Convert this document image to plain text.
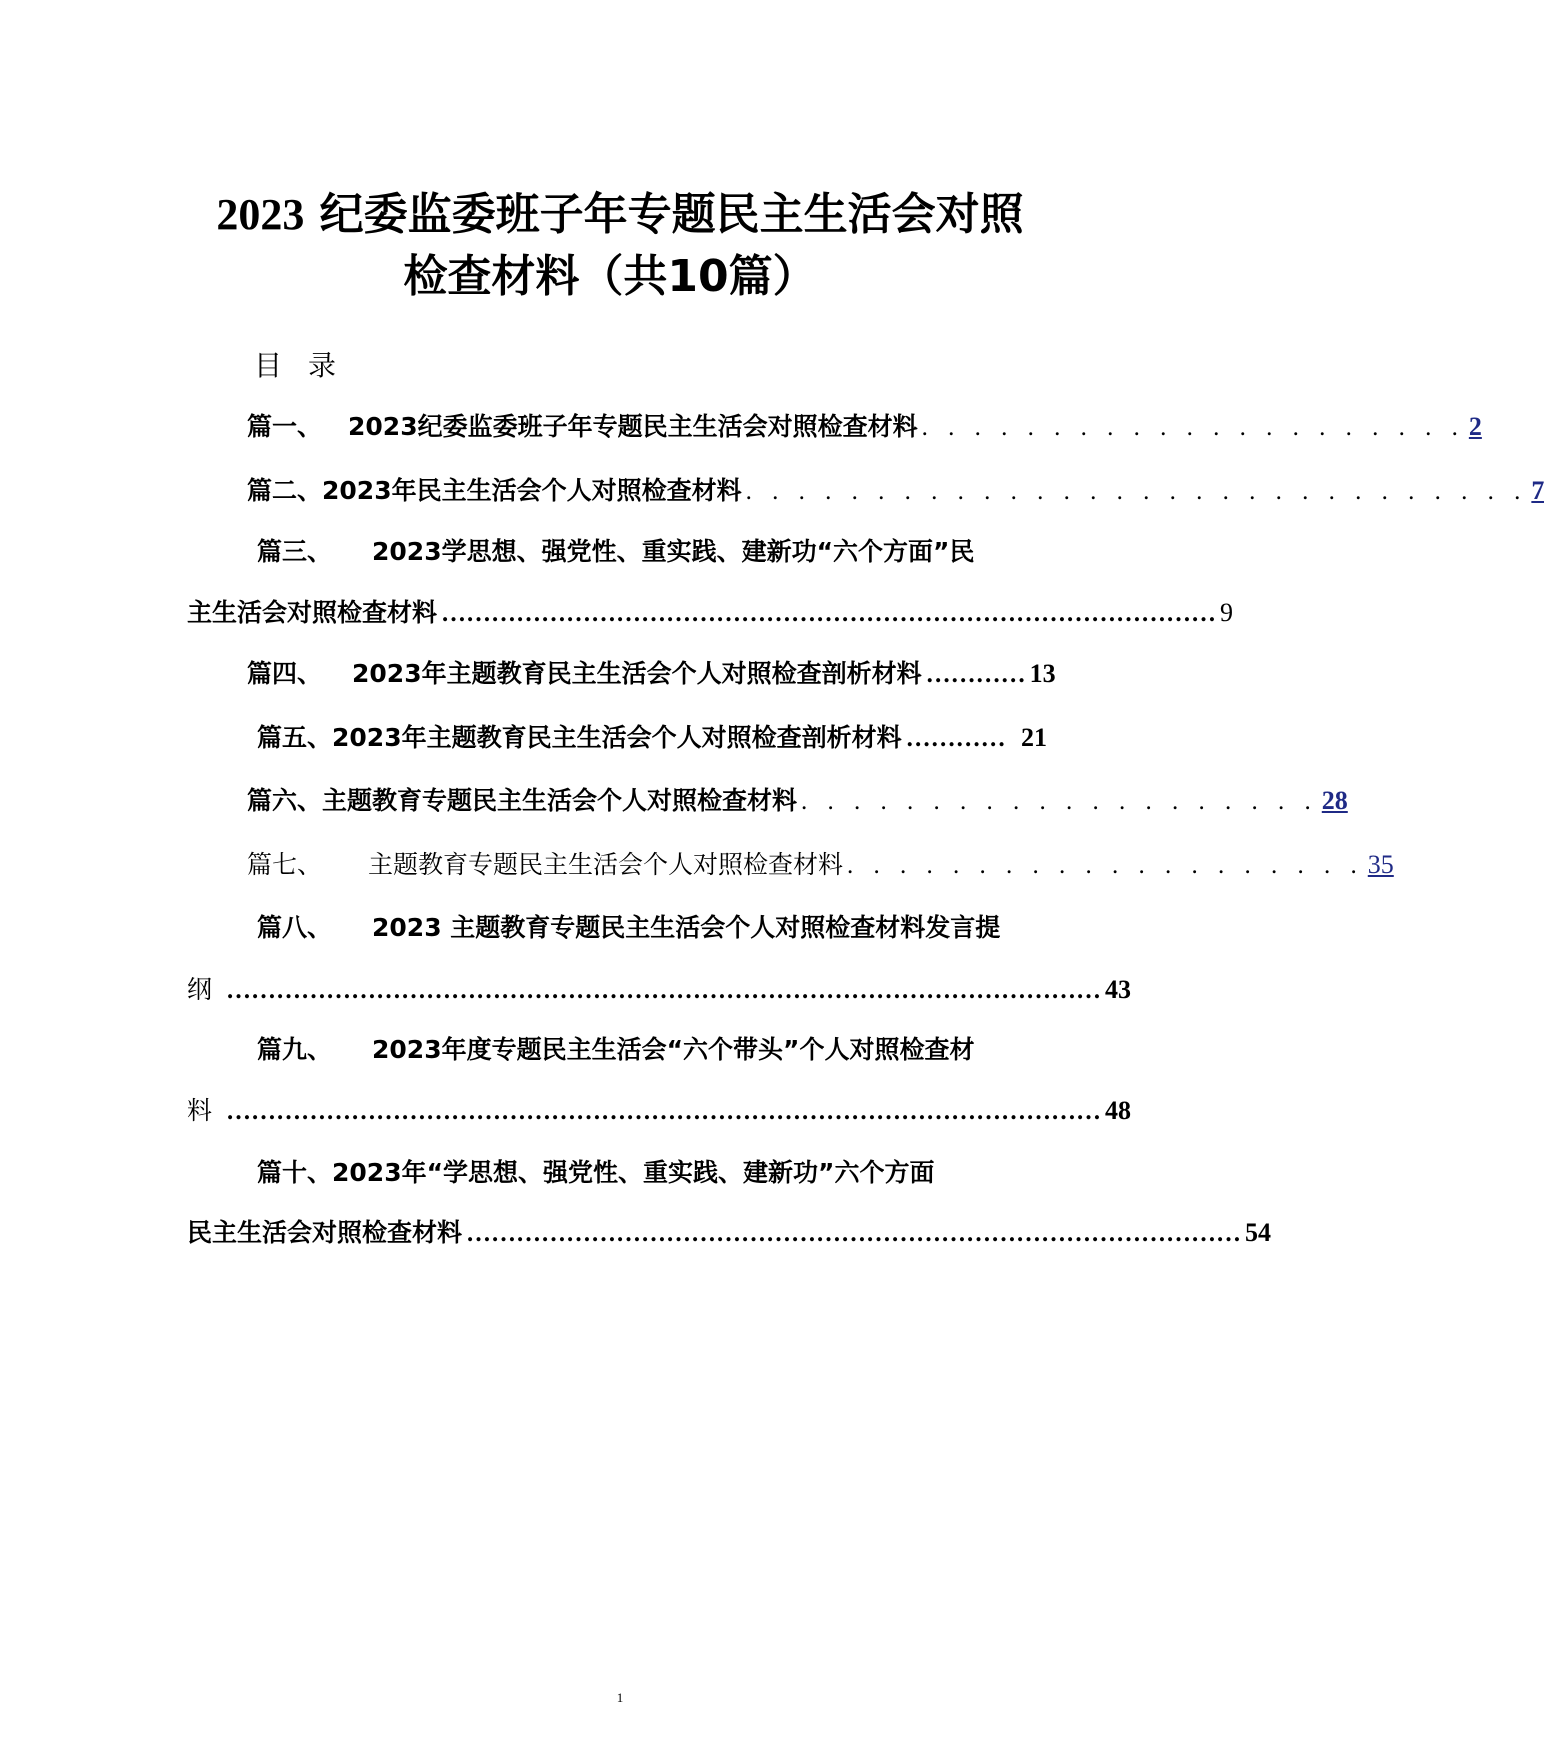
2023 纪委监委班子年专题民主生活会对照
检查材料（共10篇）
目录
篇一、 2023纪委监委班子年专题民主生活会对照检查材料 . . . . . . . . . . . . . . . . . . . . . 2
篇二、 2023年民主生活会个人对照检查材料 . . . . . . . . . . . . . . . . . . . . . . . . . . . . . . 7
篇三、 2023学思想、强党性、重实践、建新功“六个方面”民
主生活会对照检查材料 ………………………………………………………………………………… 9
篇四、 2023年主题教育民主生活会个人对照检查剖析材料 ………… 13
篇五、 2023年主题教育民主生活会个人对照检查剖析材料 ………… 21
篇六、 主题教育专题民主生活会个人对照检查材料 . . . . . . . . . . . . . . . . . . . . 28
篇七、 主题教育专题民主生活会个人对照检查材料 . . . . . . . . . . . . . . . . . . . . 35
篇八、 2023 主题教育专题民主生活会个人对照检查材料发言提
纲 …………………………………………………………………………………………… 43
篇九、 2023年度专题民主生活会“六个带头”个人对照检查材
料 …………………………………………………………………………………………… 48
篇十、 2023年“学思想、强党性、重实践、建新功”六个方面
民主生活会对照检查材料 ………………………………………………………………………………… 54
1
